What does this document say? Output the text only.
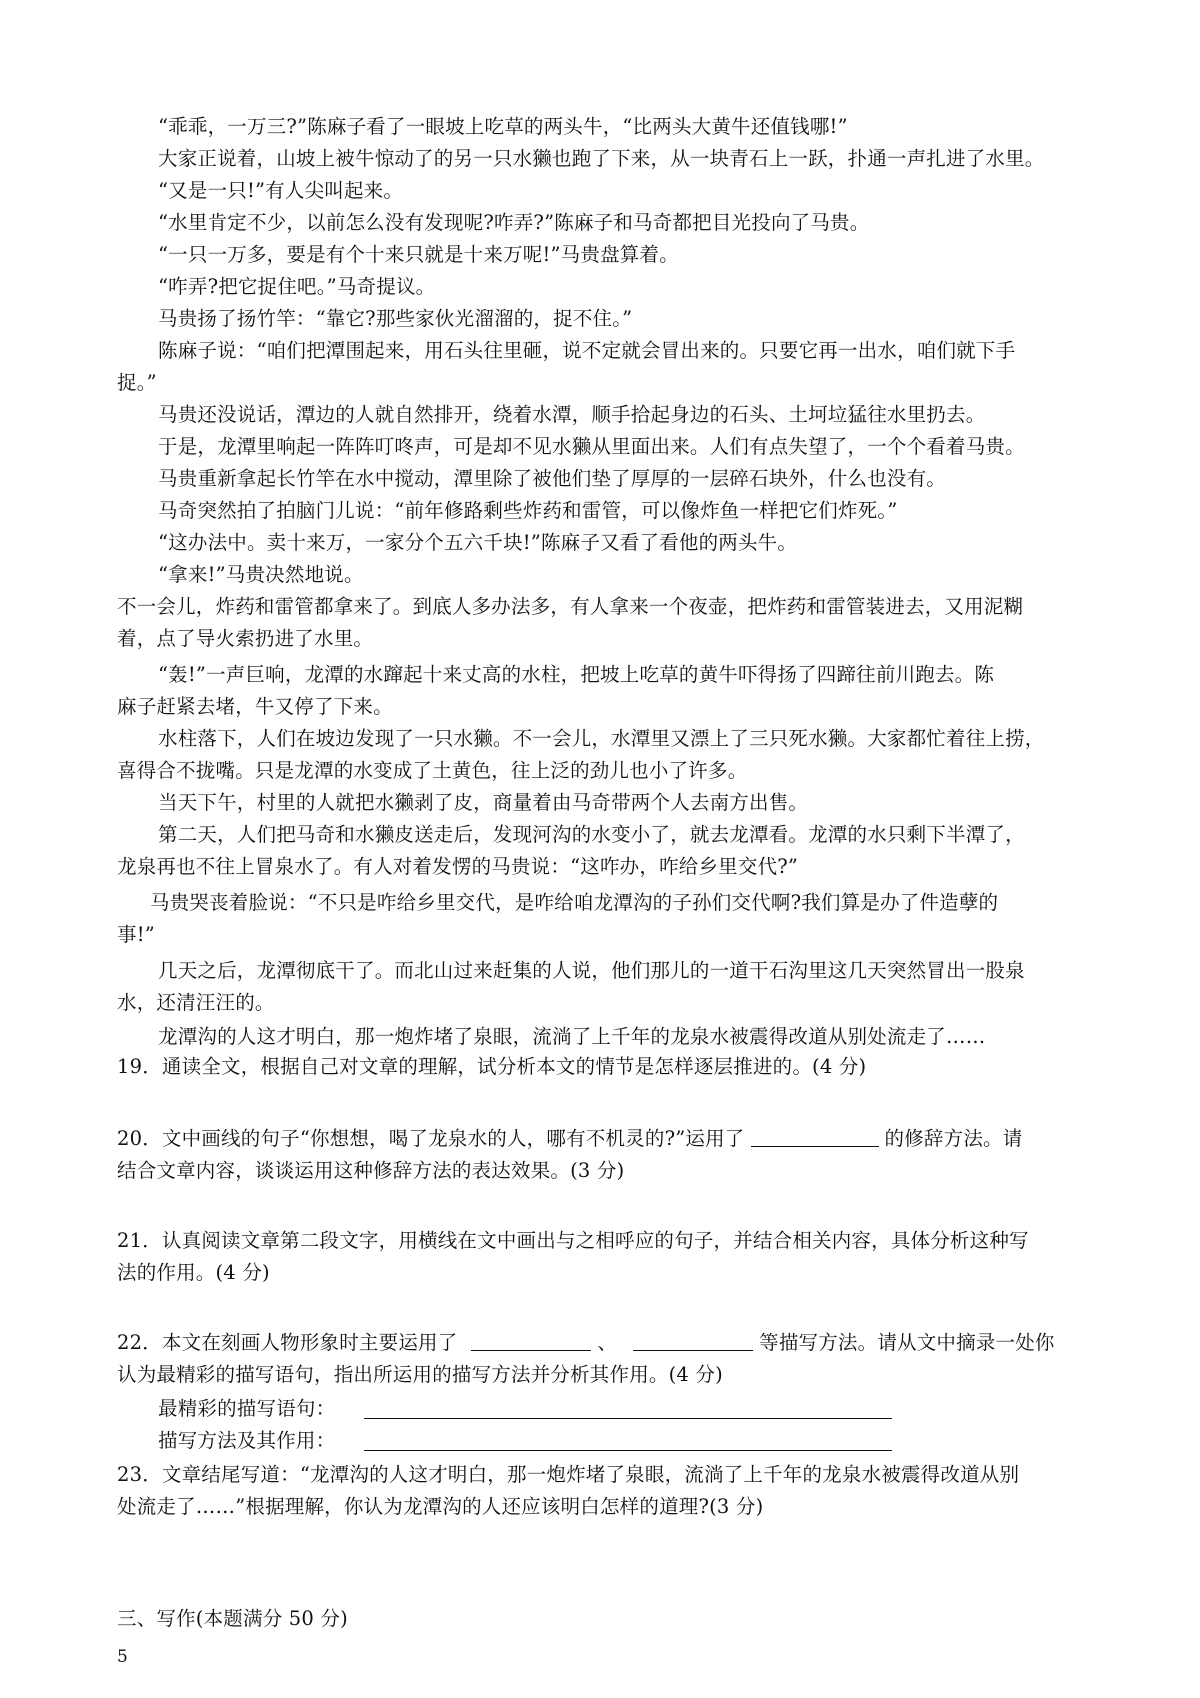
“乖乖，一万三?”陈麻子看了一眼坡上吃草的两头牛，“比两头大黄牛还值钱哪!”
大家正说着，山坡上被牛惊动了的另一只水獭也跑了下来，从一块青石上一跃，扑通一声扎进了水里。
“又是一只!”有人尖叫起来。
“水里肯定不少，以前怎么没有发现呢?咋弄?”陈麻子和马奇都把目光投向了马贵。
“一只一万多，要是有个十来只就是十来万呢!”马贵盘算着。
“咋弄?把它捉住吧。”马奇提议。
马贵扬了扬竹竿：“靠它?那些家伙光溜溜的，捉不住。”
陈麻子说：“咱们把潭围起来，用石头往里砸，说不定就会冒出来的。只要它再一出水，咱们就下手
捉。”
马贵还没说话，潭边的人就自然排开，绕着水潭，顺手拾起身边的石头、土坷垃猛往水里扔去。
于是，龙潭里响起一阵阵叮咚声，可是却不见水獭从里面出来。人们有点失望了，一个个看着马贵。
马贵重新拿起长竹竿在水中搅动，潭里除了被他们垫了厚厚的一层碎石块外，什么也没有。
马奇突然拍了拍脑门儿说：“前年修路剩些炸药和雷管，可以像炸鱼一样把它们炸死。”
“这办法中。卖十来万，一家分个五六千块!”陈麻子又看了看他的两头牛。
“拿来!”马贵决然地说。
不一会儿，炸药和雷管都拿来了。到底人多办法多，有人拿来一个夜壶，把炸药和雷管装进去，又用泥糊
着，点了导火索扔进了水里。
“轰!”一声巨响，龙潭的水蹿起十来丈高的水柱，把坡上吃草的黄牛吓得扬了四蹄往前川跑去。陈
麻子赶紧去堵，牛又停了下来。
水柱落下，人们在坡边发现了一只水獭。不一会儿，水潭里又漂上了三只死水獭。大家都忙着往上捞，
喜得合不拢嘴。只是龙潭的水变成了土黄色，往上泛的劲儿也小了许多。
当天下午，村里的人就把水獭剥了皮，商量着由马奇带两个人去南方出售。
第二天，人们把马奇和水獭皮送走后，发现河沟的水变小了，就去龙潭看。龙潭的水只剩下半潭了，
龙泉再也不往上冒泉水了。有人对着发愣的马贵说：“这咋办，咋给乡里交代?”
马贵哭丧着脸说：“不只是咋给乡里交代，是咋给咱龙潭沟的子孙们交代啊?我们算是办了件造孽的
事!”
几天之后，龙潭彻底干了。而北山过来赶集的人说，他们那儿的一道干石沟里这几天突然冒出一股泉
水，还清汪汪的。
龙潭沟的人这才明白，那一炮炸堵了泉眼，流淌了上千年的龙泉水被震得改道从别处流走了……
19．通读全文，根据自己对文章的理解，试分析本文的情节是怎样逐层推进的。(4 分)
20．文中画线的句子“你想想，喝了龙泉水的人，哪有不机灵的?”运用了	的修辞方法。请
结合文章内容，谈谈运用这种修辞方法的表达效果。(3 分)
21．认真阅读文章第二段文字，用横线在文中画出与之相呼应的句子，并结合相关内容，具体分析这种写
法的作用。(4 分)
22．本文在刻画人物形象时主要运用了	、	等描写方法。请从文中摘录一处你
认为最精彩的描写语句，指出所运用的描写方法并分析其作用。(4 分)
最精彩的描写语句：
描写方法及其作用：
23．文章结尾写道：“龙潭沟的人这才明白，那一炮炸堵了泉眼，流淌了上千年的龙泉水被震得改道从别
处流走了……”根据理解，你认为龙潭沟的人还应该明白怎样的道理?(3 分)
三、写作(本题满分 50 分)
5
